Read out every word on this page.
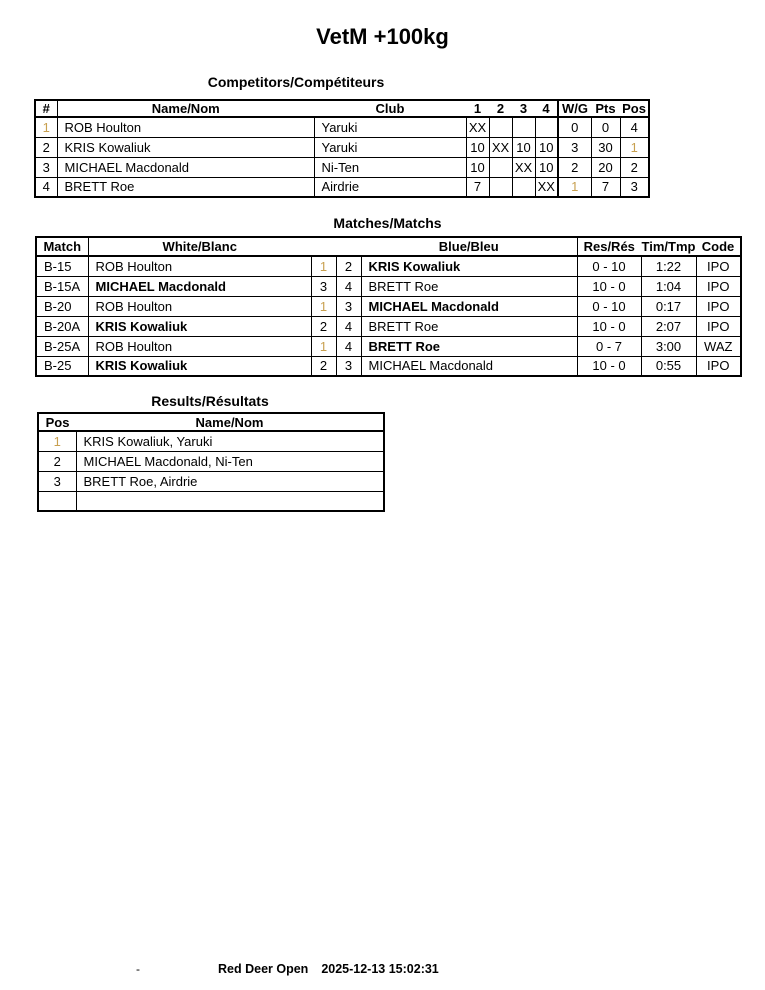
VetM +100kg
Competitors/Compétiteurs
#	Name/Nom	Club	1	2	3	4	W/G	Pts	Pos
1	ROB Houlton	Yaruki	XX				0	0	4
2	KRIS Kowaliuk	Yaruki	10	XX	10	10	3	30	1
3	MICHAEL Macdonald	Ni-Ten	10		XX	10	2	20	2
4	BRETT Roe	Airdrie	7			XX	1	7	3
Matches/Matchs
Match	White/Blanc			Blue/Bleu	Res/Rés	Tim/Tmp	Code
B-15	ROB Houlton	1	2	KRIS Kowaliuk	0 - 10	1:22	IPO
B-15A	MICHAEL Macdonald	3	4	BRETT Roe	10 - 0	1:04	IPO
B-20	ROB Houlton	1	3	MICHAEL Macdonald	0 - 10	0:17	IPO
B-20A	KRIS Kowaliuk	2	4	BRETT Roe	10 - 0	2:07	IPO
B-25A	ROB Houlton	1	4	BRETT Roe	0 - 7	3:00	WAZ
B-25	KRIS Kowaliuk	2	3	MICHAEL Macdonald	10 - 0	0:55	IPO
Results/Résultats
Pos	Name/Nom
1	KRIS Kowaliuk, Yaruki
2	MICHAEL Macdonald, Ni-Ten
3	BRETT Roe, Airdrie

-	Red Deer Open 2025-12-13 15:02:31
